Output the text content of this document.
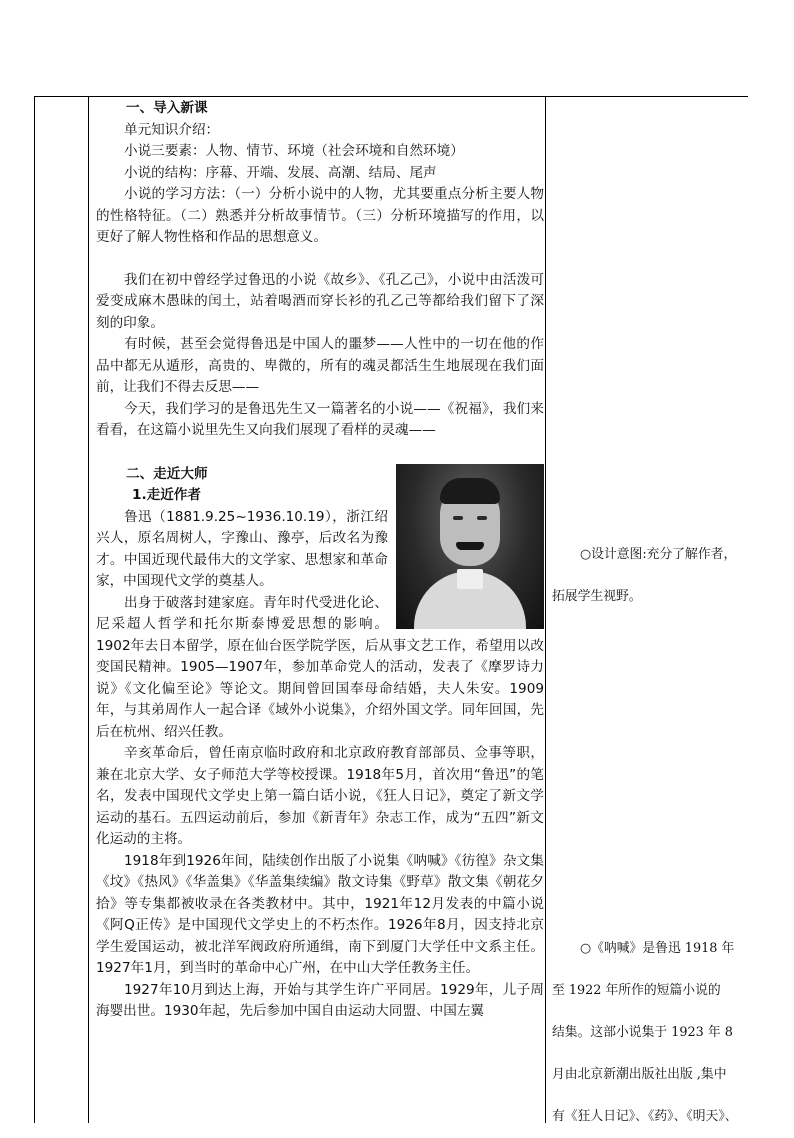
一、导入新课

单元知识介绍：

小说三要素：人物、情节、环境（社会环境和自然环境）

小说的结构：序幕、开端、发展、高潮、结局、尾声

小说的学习方法：（一）分析小说中的人物，尤其要重点分析主要人物的性格特征。（二）熟悉并分析故事情节。（三）分析环境描写的作用，以更好了解人物性格和作品的思想意义。

我们在初中曾经学过鲁迅的小说《故乡》、《孔乙己》，小说中由活泼可爱变成麻木愚昧的闰土，站着喝酒而穿长衫的孔乙己等都给我们留下了深刻的印象。

有时候，甚至会觉得鲁迅是中国人的噩梦——人性中的一切在他的作品中都无从遁形，高贵的、卑微的，所有的魂灵都活生生地展现在我们面前，让我们不得去反思——

今天，我们学习的是鲁迅先生又一篇著名的小说——《祝福》，我们来看看，在这篇小说里先生又向我们展现了看样的灵魂——

二、走近大师

1.走近作者

鲁迅（1881.9.25~1936.10.19），浙江绍兴人，原名周树人，字豫山、豫亭，后改名为豫才。中国近现代最伟大的文学家、思想家和革命家，中国现代文学的奠基人。

出身于破落封建家庭。青年时代受进化论、尼采超人哲学和托尔斯泰博爱思想的影响。1902年去日本留学，原在仙台医学院学医，后从事文艺工作，希望用以改变国民精神。1905—1907年，参加革命党人的活动，发表了《摩罗诗力说》《文化偏至论》等论文。期间曾回国奉母命结婚，夫人朱安。1909年，与其弟周作人一起合译《域外小说集》，介绍外国文学。同年回国，先后在杭州、绍兴任教。

辛亥革命后，曾任南京临时政府和北京政府教育部部员、佥事等职，兼在北京大学、女子师范大学等校授课。1918年5月，首次用“鲁迅”的笔名，发表中国现代文学史上第一篇白话小说，《狂人日记》，奠定了新文学运动的基石。五四运动前后，参加《新青年》杂志工作，成为“五四”新文化运动的主将。

1918年到1926年间，陆续创作出版了小说集《呐喊》《彷徨》杂文集《坟》《热风》《华盖集》《华盖集续编》散文诗集《野草》散文集《朝花夕拾》等专集都被收录在各类教材中。其中，1921年12月发表的中篇小说《阿Q正传》是中国现代文学史上的不朽杰作。1926年8月，因支持北京学生爱国运动，被北洋军阀政府所通缉，南下到厦门大学任中文系主任。1927年1月，到当时的革命中心广州，在中山大学任教务主任。

1927年10月到达上海，开始与其学生许广平同居。1929年，儿子周海婴出世。1930年起，先后参加中国自由运动大同盟、中国左翼

○设计意图:充分了解作者，

拓展学生视野。

○《呐喊》是鲁迅 1918 年

至 1922 年所作的短篇小说的

结集。这部小说集于 1923 年 8

月由北京新潮出版社出版 ,集中

有《狂人日记》、《药》、《明天》、
